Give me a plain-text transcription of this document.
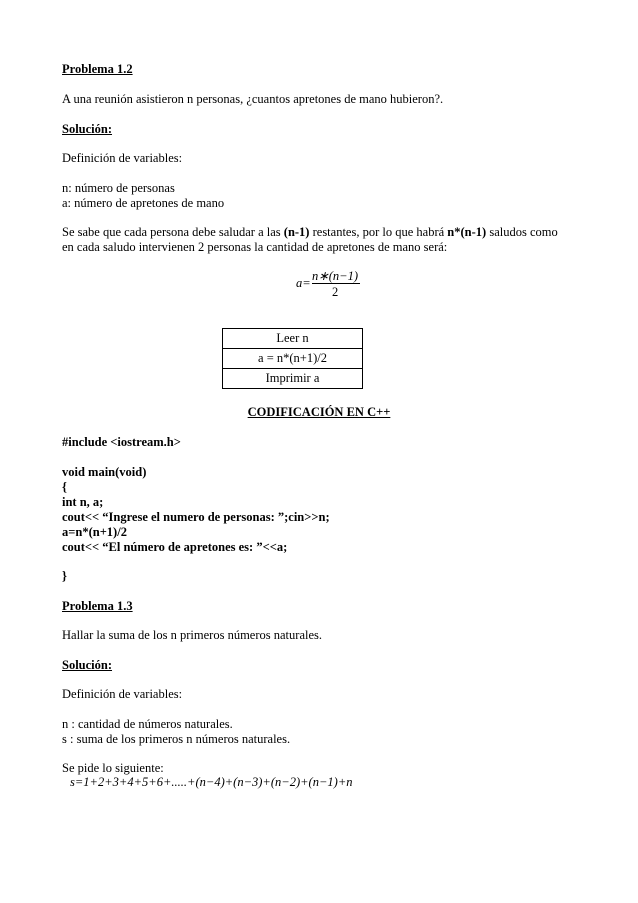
Problema 1.2
A una reunión asistieron n personas, ¿cuantos apretones de mano hubieron?.
Solución:
Definición de variables:
n: número de personas
a: número de apretones de mano
Se sabe que cada persona debe saludar a las (n-1) restantes, por lo que habrá n*(n-1) saludos como
en cada saludo intervienen 2 personas la cantidad de apretones de mano será:
a= n∗(n−1)
2
Leer n
a = n*(n+1)/2
Imprimir a
CODIFICACIÓN EN C++
#include <iostream.h>
void main(void)
{
int n, a;
cout<< “Ingrese el numero de personas: ”;cin>>n;
a=n*(n+1)/2
cout<< “El número de apretones es: ”<<a;
}
Problema 1.3
Hallar la suma de los n primeros números naturales.
Solución:
Definición de variables:
n : cantidad de números naturales.
s : suma de los primeros n números naturales.
Se pide lo siguiente:
s=1+2+3+4+5+6+.....+(n−4)+(n−3)+(n−2)+(n−1)+n
